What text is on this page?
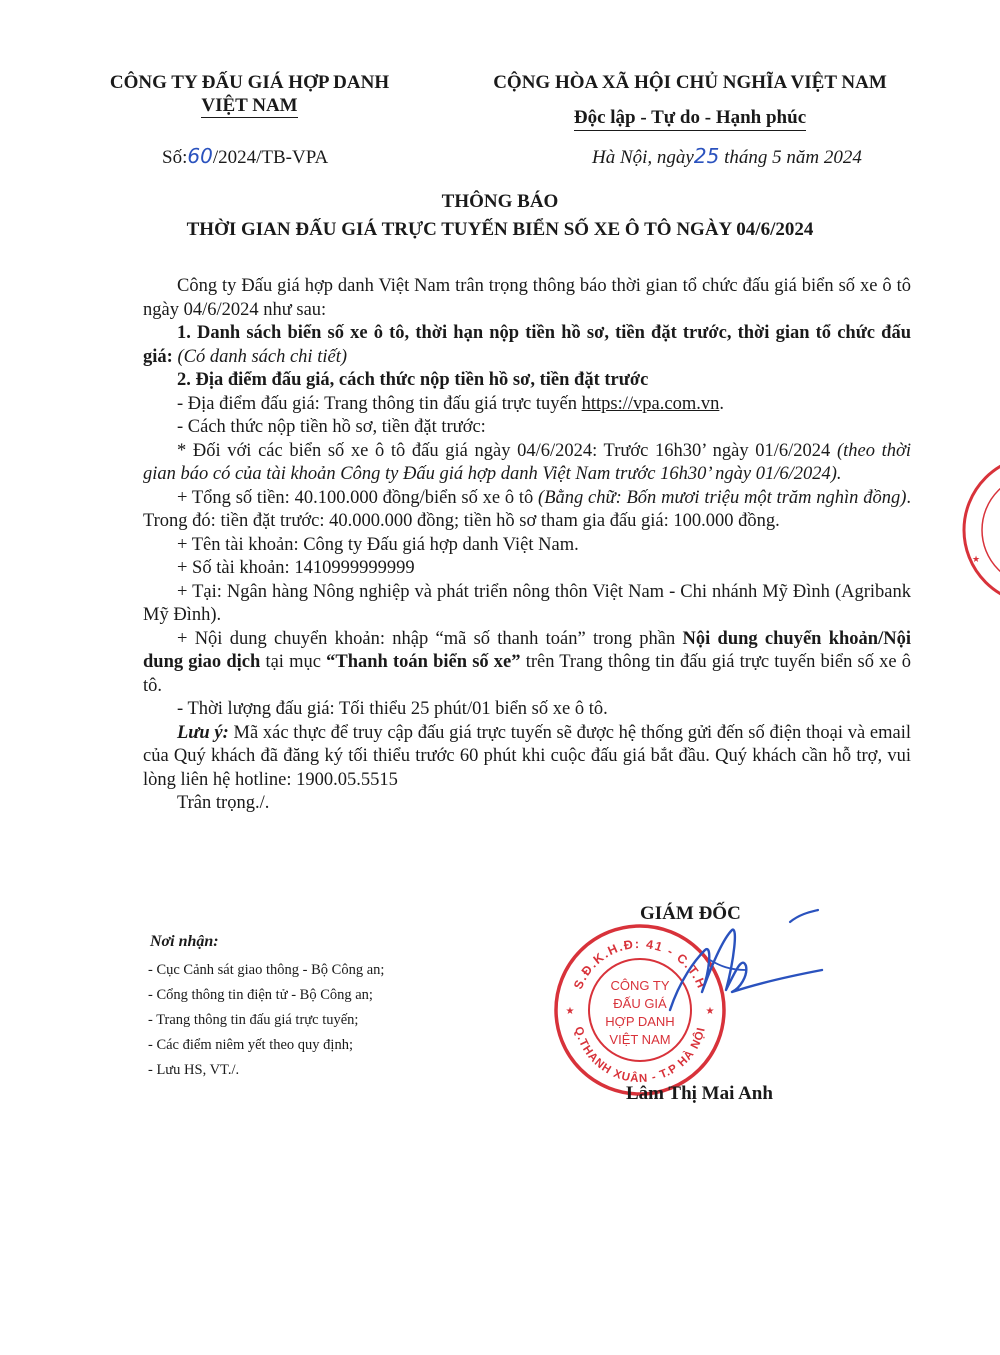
CÔNG TY ĐẤU GIÁ HỢP DANH
VIỆT NAM
CỘNG HÒA XÃ HỘI CHỦ NGHĨA VIỆT NAM
Độc lập - Tự do - Hạnh phúc
Số:60/2024/TB-VPA	Hà Nội, ngày25 tháng 5 năm 2024
THÔNG BÁO
THỜI GIAN ĐẤU GIÁ TRỰC TUYẾN BIỂN SỐ XE Ô TÔ NGÀY 04/6/2024

Công ty Đấu giá hợp danh Việt Nam trân trọng thông báo thời gian tổ chức đấu giá biển số xe ô tô ngày 04/6/2024 như sau:

1. Danh sách biển số xe ô tô, thời hạn nộp tiền hồ sơ, tiền đặt trước, thời gian tổ chức đấu giá: (Có danh sách chi tiết)

2. Địa điểm đấu giá, cách thức nộp tiền hồ sơ, tiền đặt trước

- Địa điểm đấu giá: Trang thông tin đấu giá trực tuyến https://vpa.com.vn.

- Cách thức nộp tiền hồ sơ, tiền đặt trước:

* Đối với các biển số xe ô tô đấu giá ngày 04/6/2024: Trước 16h30’ ngày 01/6/2024 (theo thời gian báo có của tài khoản Công ty Đấu giá hợp danh Việt Nam trước 16h30’ ngày 01/6/2024).

+ Tổng số tiền: 40.100.000 đồng/biển số xe ô tô (Bằng chữ: Bốn mươi triệu một trăm nghìn đồng). Trong đó: tiền đặt trước: 40.000.000 đồng; tiền hồ sơ tham gia đấu giá: 100.000 đồng.

+ Tên tài khoản: Công ty Đấu giá hợp danh Việt Nam.

+ Số tài khoản: 1410999999999

+ Tại: Ngân hàng Nông nghiệp và phát triển nông thôn Việt Nam - Chi nhánh Mỹ Đình (Agribank Mỹ Đình).

+ Nội dung chuyển khoản: nhập “mã số thanh toán” trong phần Nội dung chuyển khoản/Nội dung giao dịch tại mục “Thanh toán biển số xe” trên Trang thông tin đấu giá trực tuyến biển số xe ô tô.

- Thời lượng đấu giá: Tối thiểu 25 phút/01 biển số xe ô tô.

Lưu ý: Mã xác thực để truy cập đấu giá trực tuyến sẽ được hệ thống gửi đến số điện thoại và email của Quý khách đã đăng ký tối thiểu trước 60 phút khi cuộc đấu giá bắt đầu. Quý khách cần hỗ trợ, vui lòng liên hệ hotline: 1900.05.5515

Trân trọng./.

GIÁM ĐỐC
S.Đ.K.H.Đ: 41 - C.T.H
Q.THANH XUÂN - T.P HÀ NỘI
★	★
CÔNG TY
ĐẤU GIÁ
HỢP DANH
VIỆT NAM
Lâm Thị Mai Anh
Nơi nhận:
- Cục Cảnh sát giao thông - Bộ Công an;
- Cổng thông tin điện tử - Bộ Công an;
- Trang thông tin đấu giá trực tuyến;
- Các điểm niêm yết theo quy định;
- Lưu HS, VT./.
★
